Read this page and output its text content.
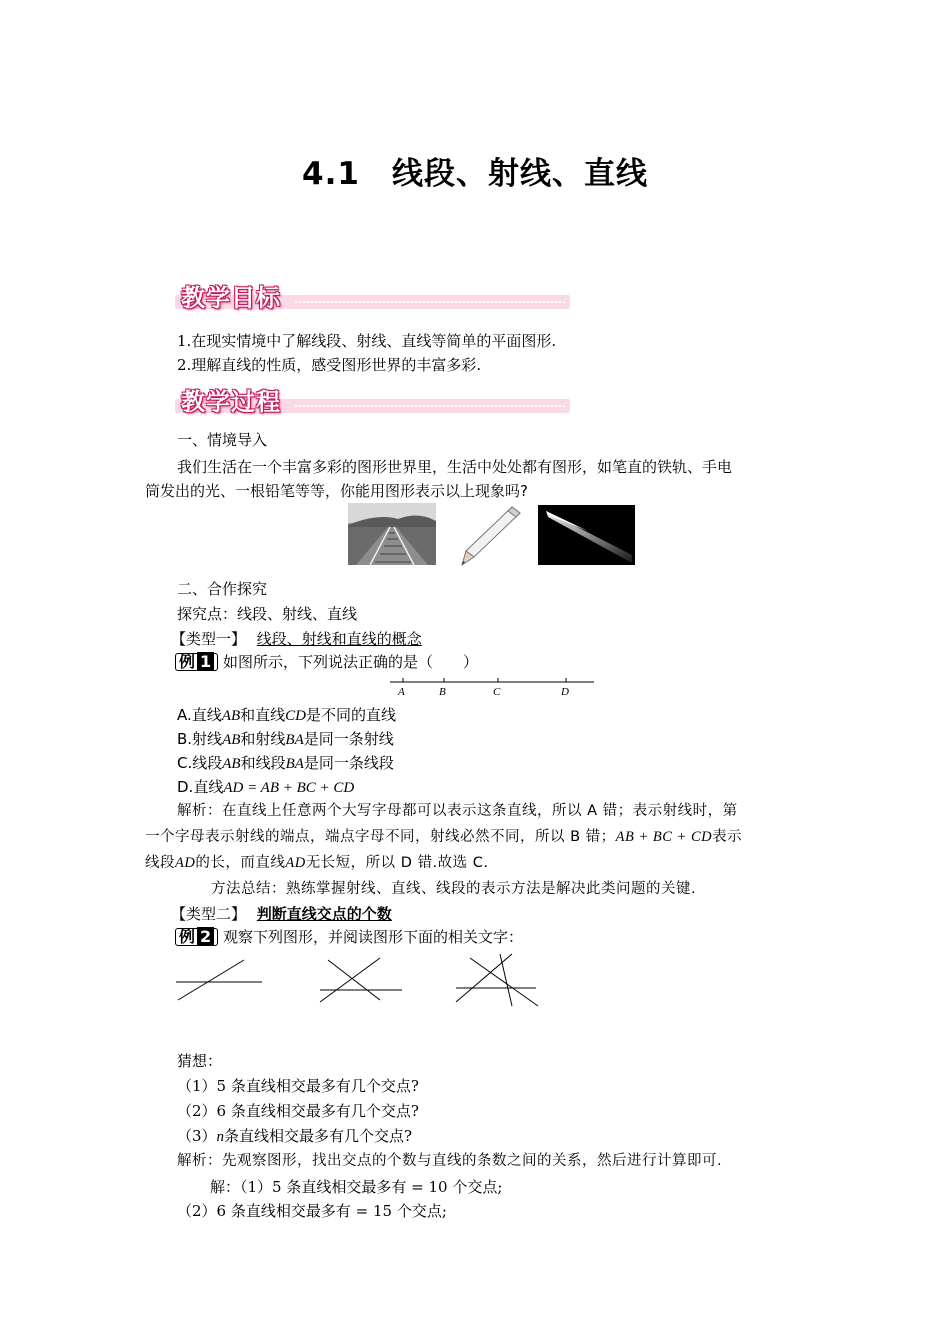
4.1　线段、射线、直线
教学目标
1.在现实情境中了解线段、射线、直线等简单的平面图形.
2.理解直线的性质，感受图形世界的丰富多彩.
教学过程
一、情境导入
我们生活在一个丰富多彩的图形世界里，生活中处处都有图形，如笔直的铁轨、手电
筒发出的光、一根铅笔等等，你能用图形表示以上现象吗?
二、合作探究
探究点：线段、射线、直线
【类型一】 线段、射线和直线的概念
例 1 如图所示，下列说法正确的是（　　）
A	B	C	D
A.直线AB和直线CD是不同的直线
B.射线AB和射线BA是同一条射线
C.线段AB和线段BA是同一条线段
D.直线AD = AB + BC + CD
解析：在直线上任意两个大写字母都可以表示这条直线，所以 A 错；表示射线时，第
一个字母表示射线的端点，端点字母不同，射线必然不同，所以 B 错；AB + BC + CD表示
线段AD的长，而直线AD无长短，所以 D 错.故选 C.
方法总结：熟练掌握射线、直线、线段的表示方法是解决此类问题的关键.
【类型二】 判断直线交点的个数
例 2 观察下列图形，并阅读图形下面的相关文字：
猜想：
（1）5 条直线相交最多有几个交点?
（2）6 条直线相交最多有几个交点?
（3）n条直线相交最多有几个交点?
解析：先观察图形，找出交点的个数与直线的条数之间的关系，然后进行计算即可.
解：（1）5 条直线相交最多有 = 10 个交点;
（2）6 条直线相交最多有 = 15 个交点;
